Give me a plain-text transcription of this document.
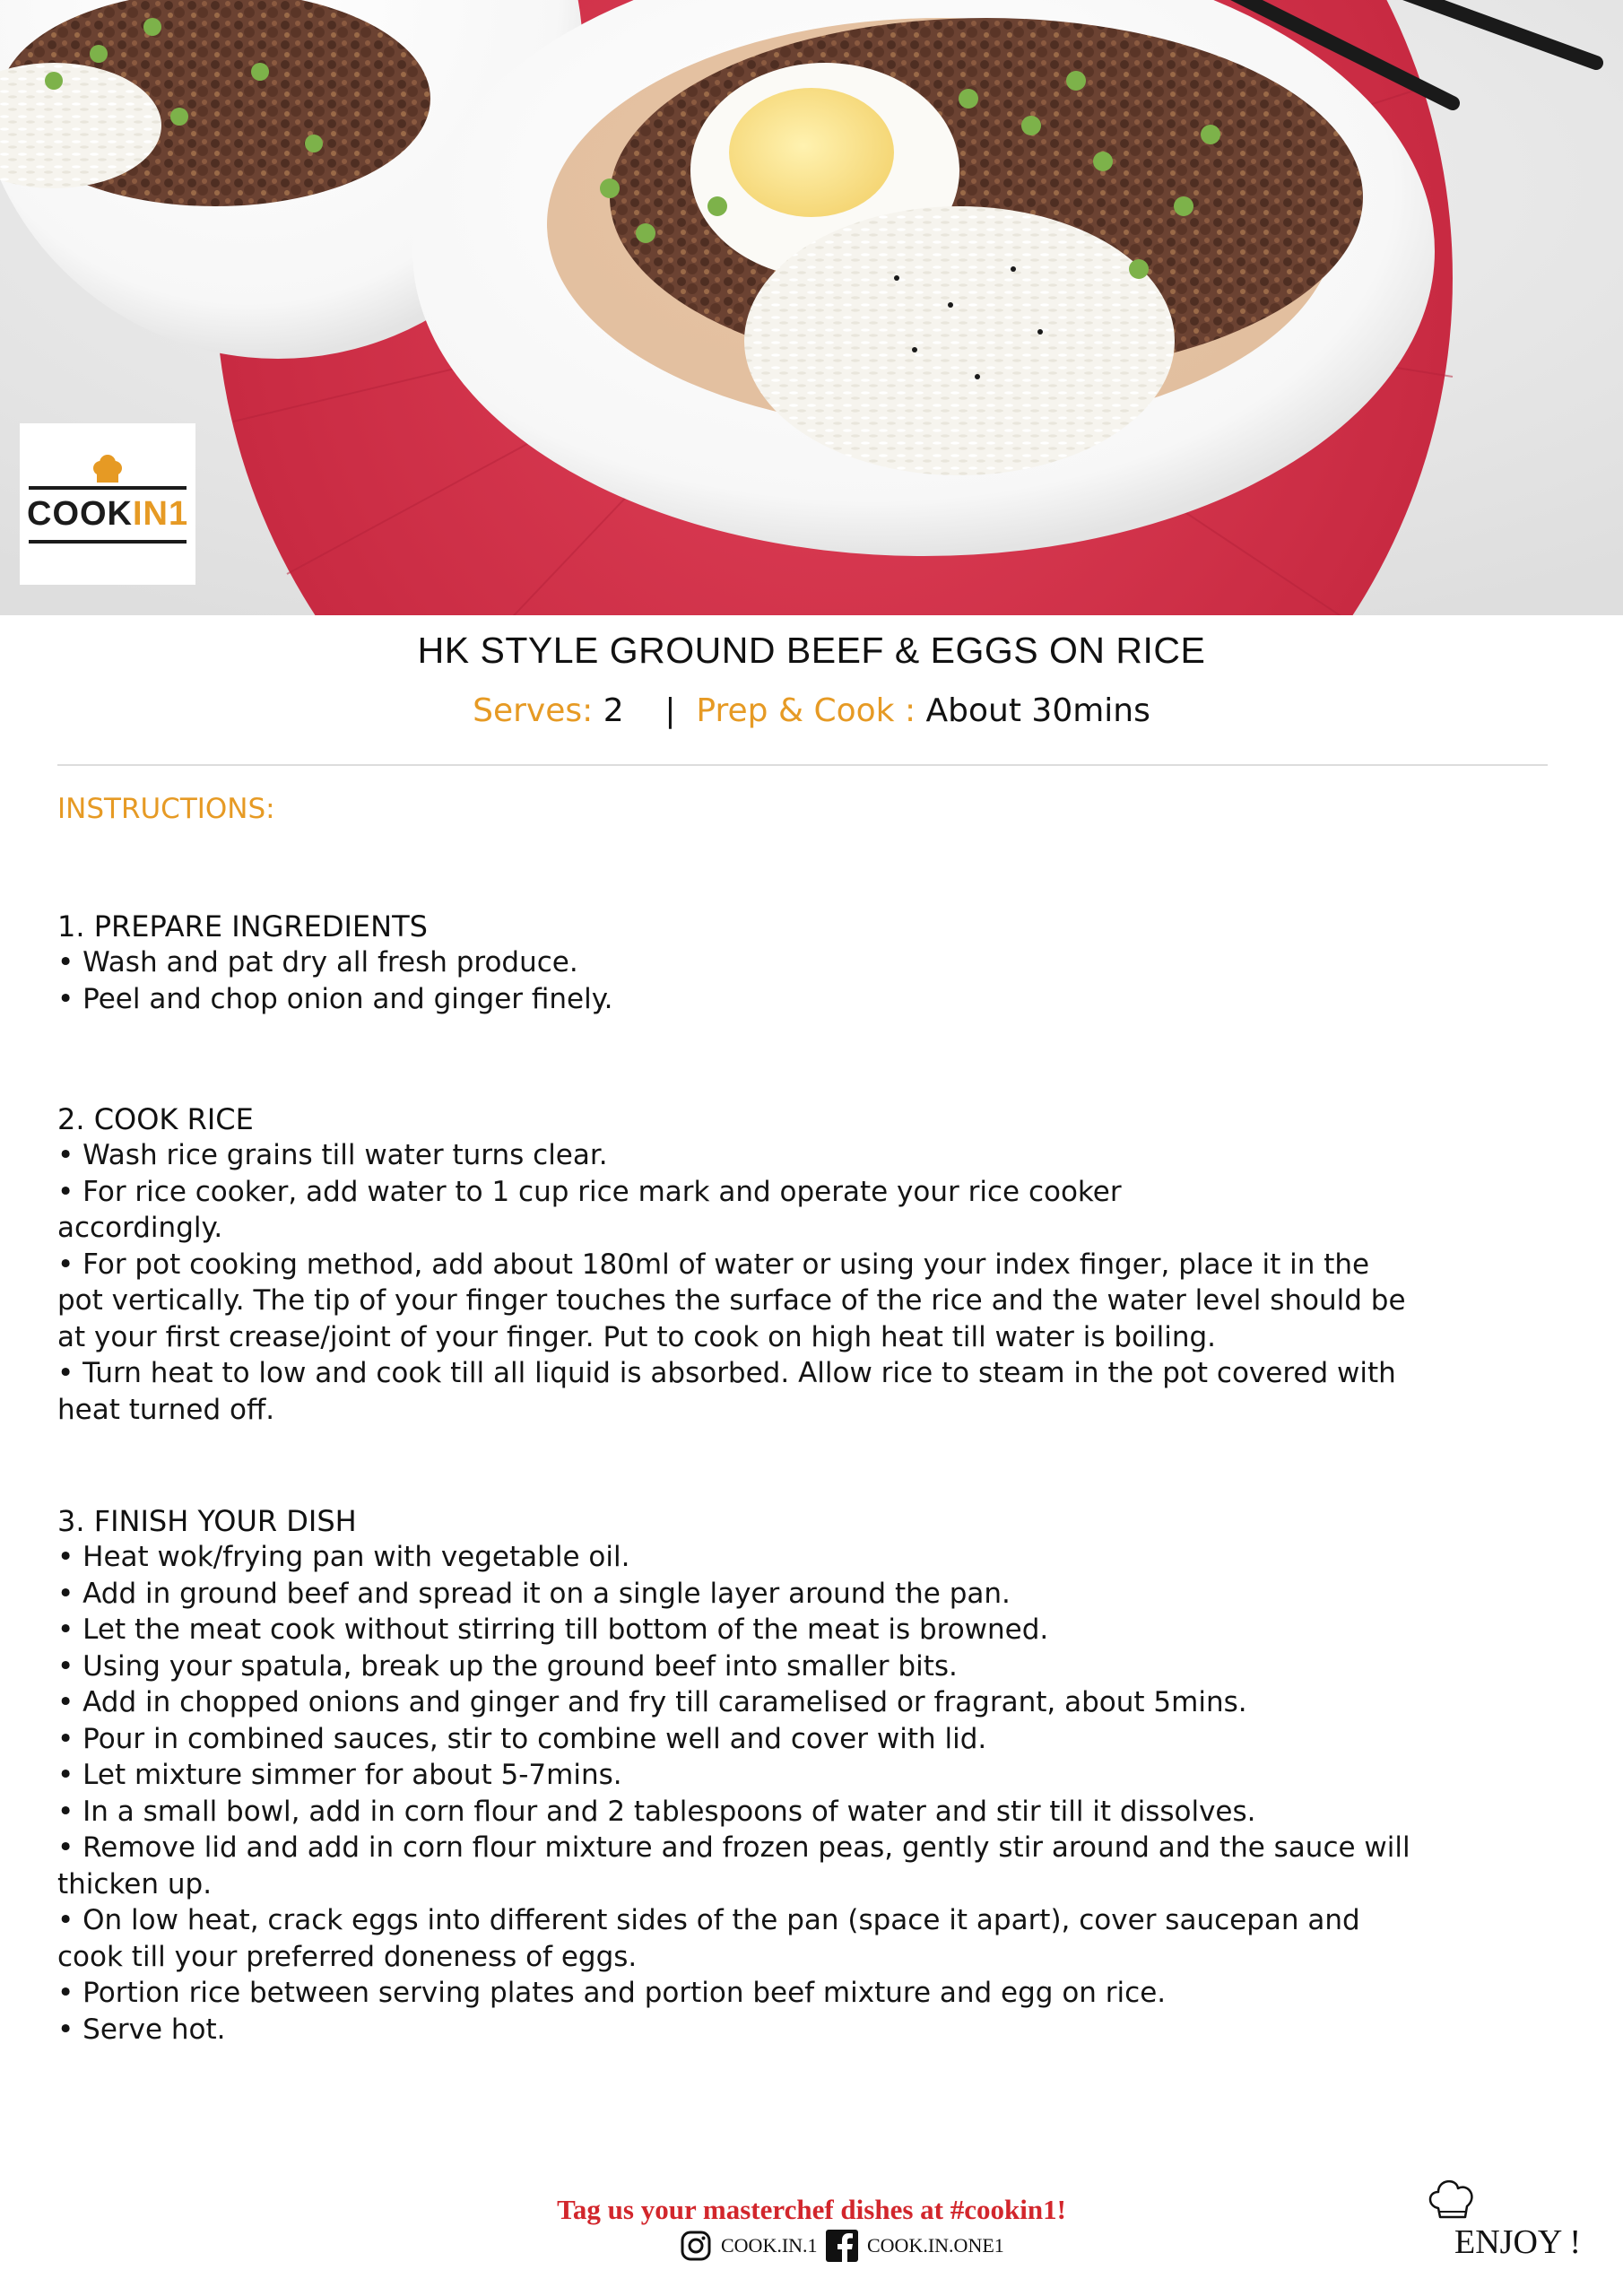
COOKIN1
HK STYLE GROUND BEEF & EGGS ON RICE
Serves: 2 | Prep & Cook : About 30mins
INSTRUCTIONS:
1. PREPARE INGREDIENTS
• Wash and pat dry all fresh produce.
• Peel and chop onion and ginger finely.
2. COOK RICE
• Wash rice grains till water turns clear.
• For rice cooker, add water to 1 cup rice mark and operate your rice cooker
accordingly.
• For pot cooking method, add about 180ml of water or using your index finger, place it in the
pot vertically. The tip of your finger touches the surface of the rice and the water level should be
at your first crease/joint of your finger. Put to cook on high heat till water is boiling.
• Turn heat to low and cook till all liquid is absorbed. Allow rice to steam in the pot covered with
heat turned off.
3. FINISH YOUR DISH
• Heat wok/frying pan with vegetable oil.
• Add in ground beef and spread it on a single layer around the pan.
• Let the meat cook without stirring till bottom of the meat is browned.
• Using your spatula, break up the ground beef into smaller bits.
• Add in chopped onions and ginger and fry till caramelised or fragrant, about 5mins.
• Pour in combined sauces, stir to combine well and cover with lid.
• Let mixture simmer for about 5-7mins.
• In a small bowl, add in corn flour and 2 tablespoons of water and stir till it dissolves.
• Remove lid and add in corn flour mixture and frozen peas, gently stir around and the sauce will
thicken up.
• On low heat, crack eggs into different sides of the pan (space it apart), cover saucepan and
cook till your preferred doneness of eggs.
• Portion rice between serving plates and portion beef mixture and egg on rice.
• Serve hot.
Tag us your masterchef dishes at #cookin1!
COOK.IN.1	COOK.IN.ONE1	ENJOY !
